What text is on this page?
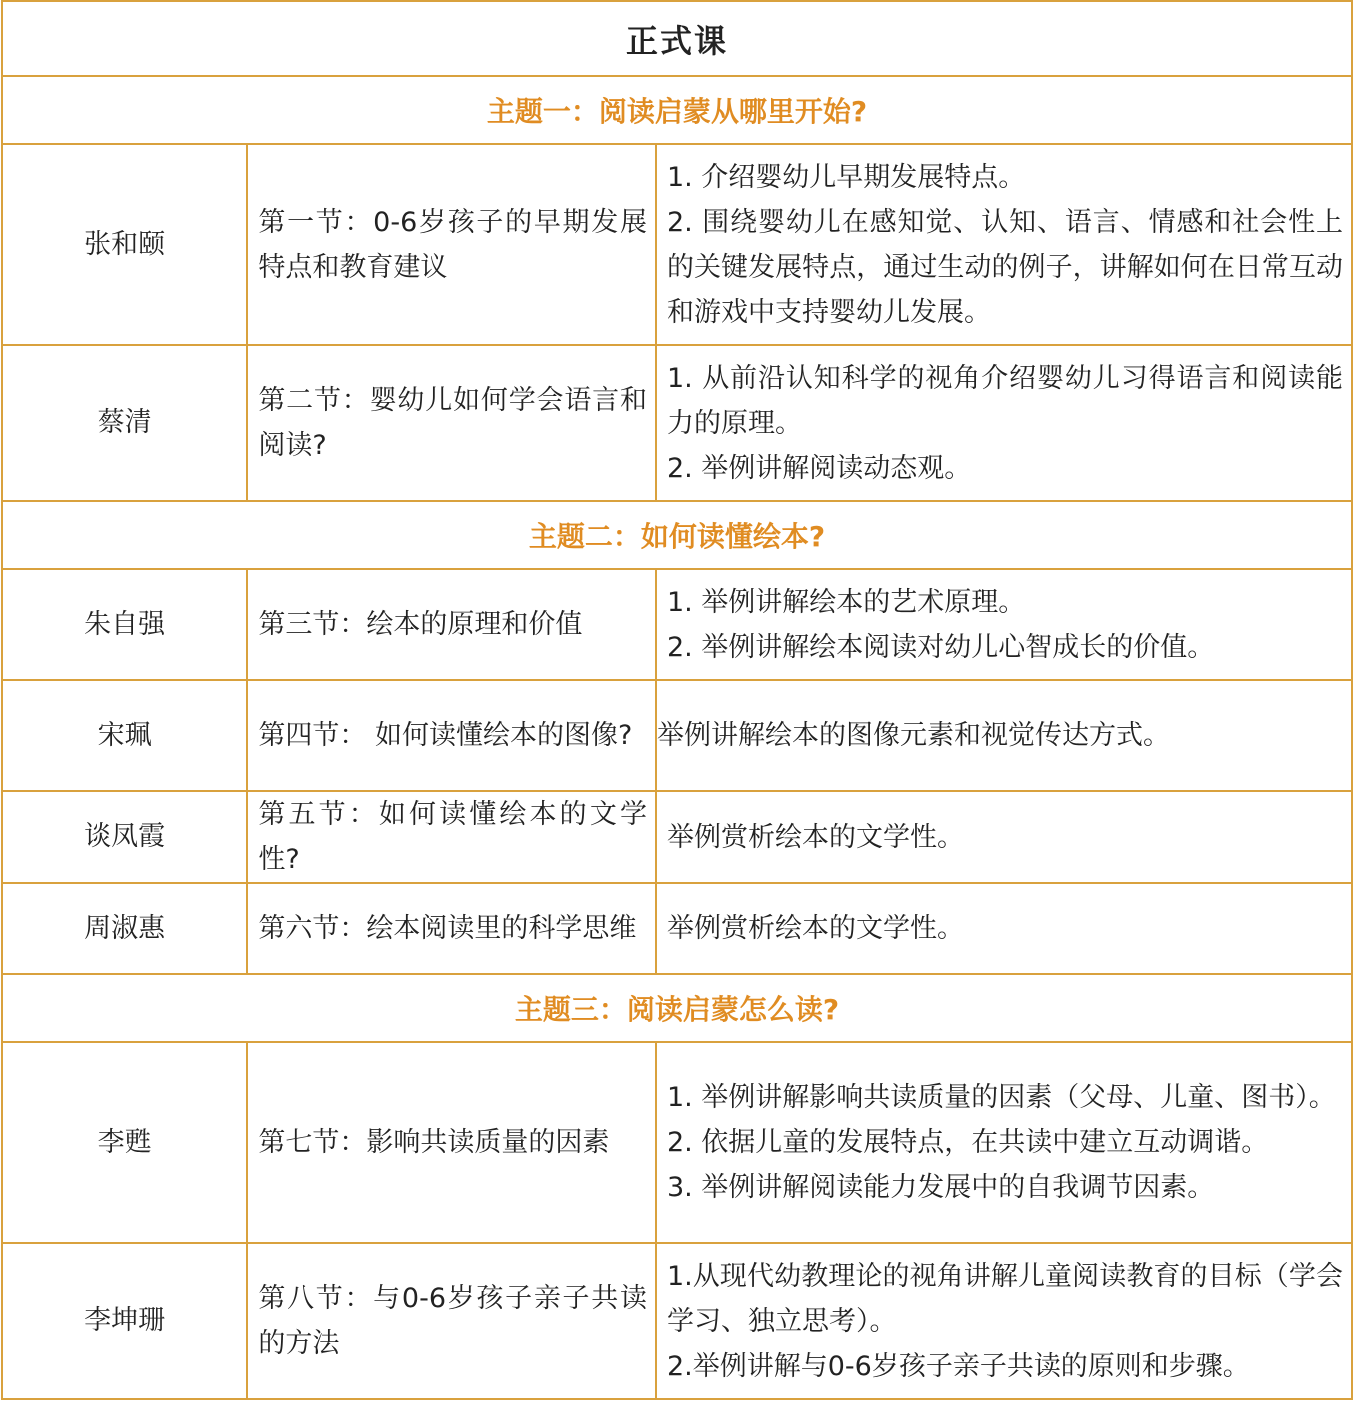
正式课		
主题一：阅读启蒙从哪里开始?		
张和颐	第一节：0-6岁孩子的早期发展特点和教育建议	1. 介绍婴幼儿早期发展特点。

2. 围绕婴幼儿在感知觉、认知、语言、情感和社会性上的关键发展特点，通过生动的例子，讲解如何在日常互动和游戏中支持婴幼儿发展。

蔡清	第二节：婴幼儿如何学会语言和阅读?	1. 从前沿认知科学的视角介绍婴幼儿习得语言和阅读能力的原理。

2. 举例讲解阅读动态观。

主题二：如何读懂绘本?		
朱自强	第三节：绘本的原理和价值	1. 举例讲解绘本的艺术原理。

2. 举例讲解绘本阅读对幼儿心智成长的价值。

宋珮	第四节： 如何读懂绘本的图像?	举例讲解绘本的图像元素和视觉传达方式。

谈凤霞	第五节：如何读懂绘本的文学性?	举例赏析绘本的文学性。

周淑惠	第六节：绘本阅读里的科学思维	举例赏析绘本的文学性。

主题三：阅读启蒙怎么读?		
李甦	第七节：影响共读质量的因素	1. 举例讲解影响共读质量的因素（父母、儿童、图书）。

2. 依据儿童的发展特点，在共读中建立互动调谐。

3. 举例讲解阅读能力发展中的自我调节因素。

李坤珊	第八节：与0-6岁孩子亲子共读的方法	1.从现代幼教理论的视角讲解儿童阅读教育的目标（学会学习、独立思考）。

2.举例讲解与0-6岁孩子亲子共读的原则和步骤。
